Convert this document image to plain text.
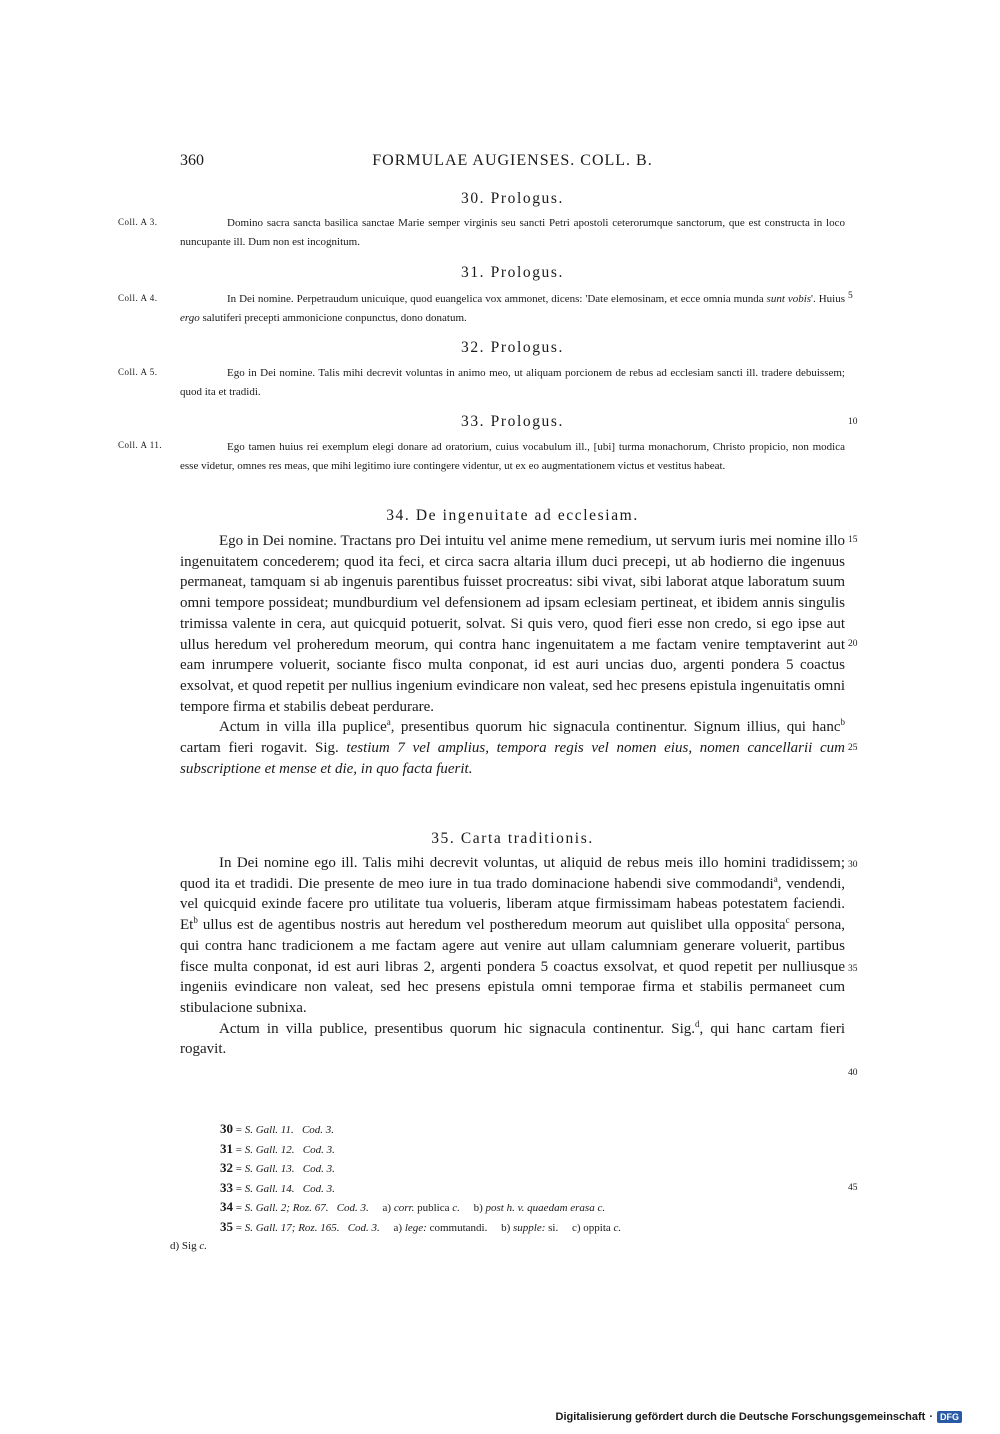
360	FORMULAE AUGIENSES. COLL. B.
30. Prologus.
Coll. A 3.	Domino sacra sancta basilica sanctae Marie semper virginis seu sancti Petri apostoli ceterorumque sanctorum, que est constructa in loco nuncupante ill. Dum non est incognitum.

31. Prologus.
Coll. A 4.	5

In Dei nomine. Perpetraudum unicuique, quod euangelica vox ammonet, dicens: 'Date elemosinam, et ecce omnia munda sunt vobis'. Huius ergo salutiferi precepti ammonicione conpunctus, dono donatum.

32. Prologus.
Coll. A 5.	Ego in Dei nomine. Talis mihi decrevit voluntas in animo meo, ut aliquam porcionem de rebus ad ecclesiam sancti ill. tradere debuissem; quod ita et tradidi.

33. Prologus.	10
Coll. A 11.	Ego tamen huius rei exemplum elegi donare ad oratorium, cuius vocabulum ill., [ubi] turma monachorum, Christo propicio, non modica esse videtur, omnes res meas, que mihi legitimo iure contingere videntur, ut ex eo augmentationem victus et vestitus habeat.

34. De ingenuitate ad ecclesiam.
15
20
25

Ego in Dei nomine. Tractans pro Dei intuitu vel anime mene remedium, ut servum iuris mei nomine illo ingenuitatem concederem; quod ita feci, et circa sacra altaria illum duci precepi, ut ab hodierno die ingenuus permaneat, tamquam si ab ingenuis parentibus fuisset procreatus: sibi vivat, sibi laborat atque laboratum suum omni tempore possideat; mundburdium vel defensionem ad ipsam eclesiam pertineat, et ibidem annis singulis trimissa valente in cera, aut quicquid potuerit, solvat. Si quis vero, quod fieri esse non credo, si ego ipse aut ullus heredum vel proheredum meorum, qui contra hanc ingenuitatem a me factam venire temptaverint aut eam inrumpere voluerit, sociante fisco multa conponat, id est auri uncias duo, argenti pondera 5 coactus exsolvat, et quod repetit per nullius ingenium evindicare non valeat, sed hec presens epistula ingenuitatis omni tempore firma et stabilis debeat perdurare.

Actum in villa illa puplice$^a$, presentibus quorum hic signacula continentur. Signum illius, qui hanc$^b$ cartam fieri rogavit. Sig. testium 7 vel amplius, tempora regis vel nomen eius, nomen cancellarii cum subscriptione et mense et die, in quo facta fuerit.

35. Carta traditionis.
30
35
40

In Dei nomine ego ill. Talis mihi decrevit voluntas, ut aliquid de rebus meis illo homini tradidissem; quod ita et tradidi. Die presente de meo iure in tua trado dominacione habendi sive commodandi$^a$, vendendi, vel quicquid exinde facere pro utilitate tua volueris, liberam atque firmissimam habeas potestatem faciendi. Et$^b$ ullus est de agentibus nostris aut heredum vel postheredum meorum aut quislibet ulla opposita$^c$ persona, qui contra hanc tradicionem a me factam agere aut venire aut ullam calumniam generare voluerit, partibus fisce multa conponat, id est auri libras 2, argenti pondera 5 coactus exsolvat, et quod repetit per nulliusque ingeniis evindicare non valeat, sed hec presens epistula omni temporae firma et stabilis permaneet cum stibulacione subnixa.

Actum in villa publice, presentibus quorum hic signacula continentur. Sig.$^d$, qui hanc cartam fieri rogavit.

45
30 = S. Gall. 11. Cod. 3.
31 = S. Gall. 12. Cod. 3.
32 = S. Gall. 13. Cod. 3.
33 = S. Gall. 14. Cod. 3.
34 = S. Gall. 2; Roz. 67. Cod. 3. a) corr. publica c. b) post h. v. quaedam erasa c.
35 = S. Gall. 17; Roz. 165. Cod. 3. a) lege: commutandi. b) supple: si. c) oppita c.
d) Sig c.
Digitalisierung gefördert durch die Deutsche Forschungsgemeinschaft · DFG
